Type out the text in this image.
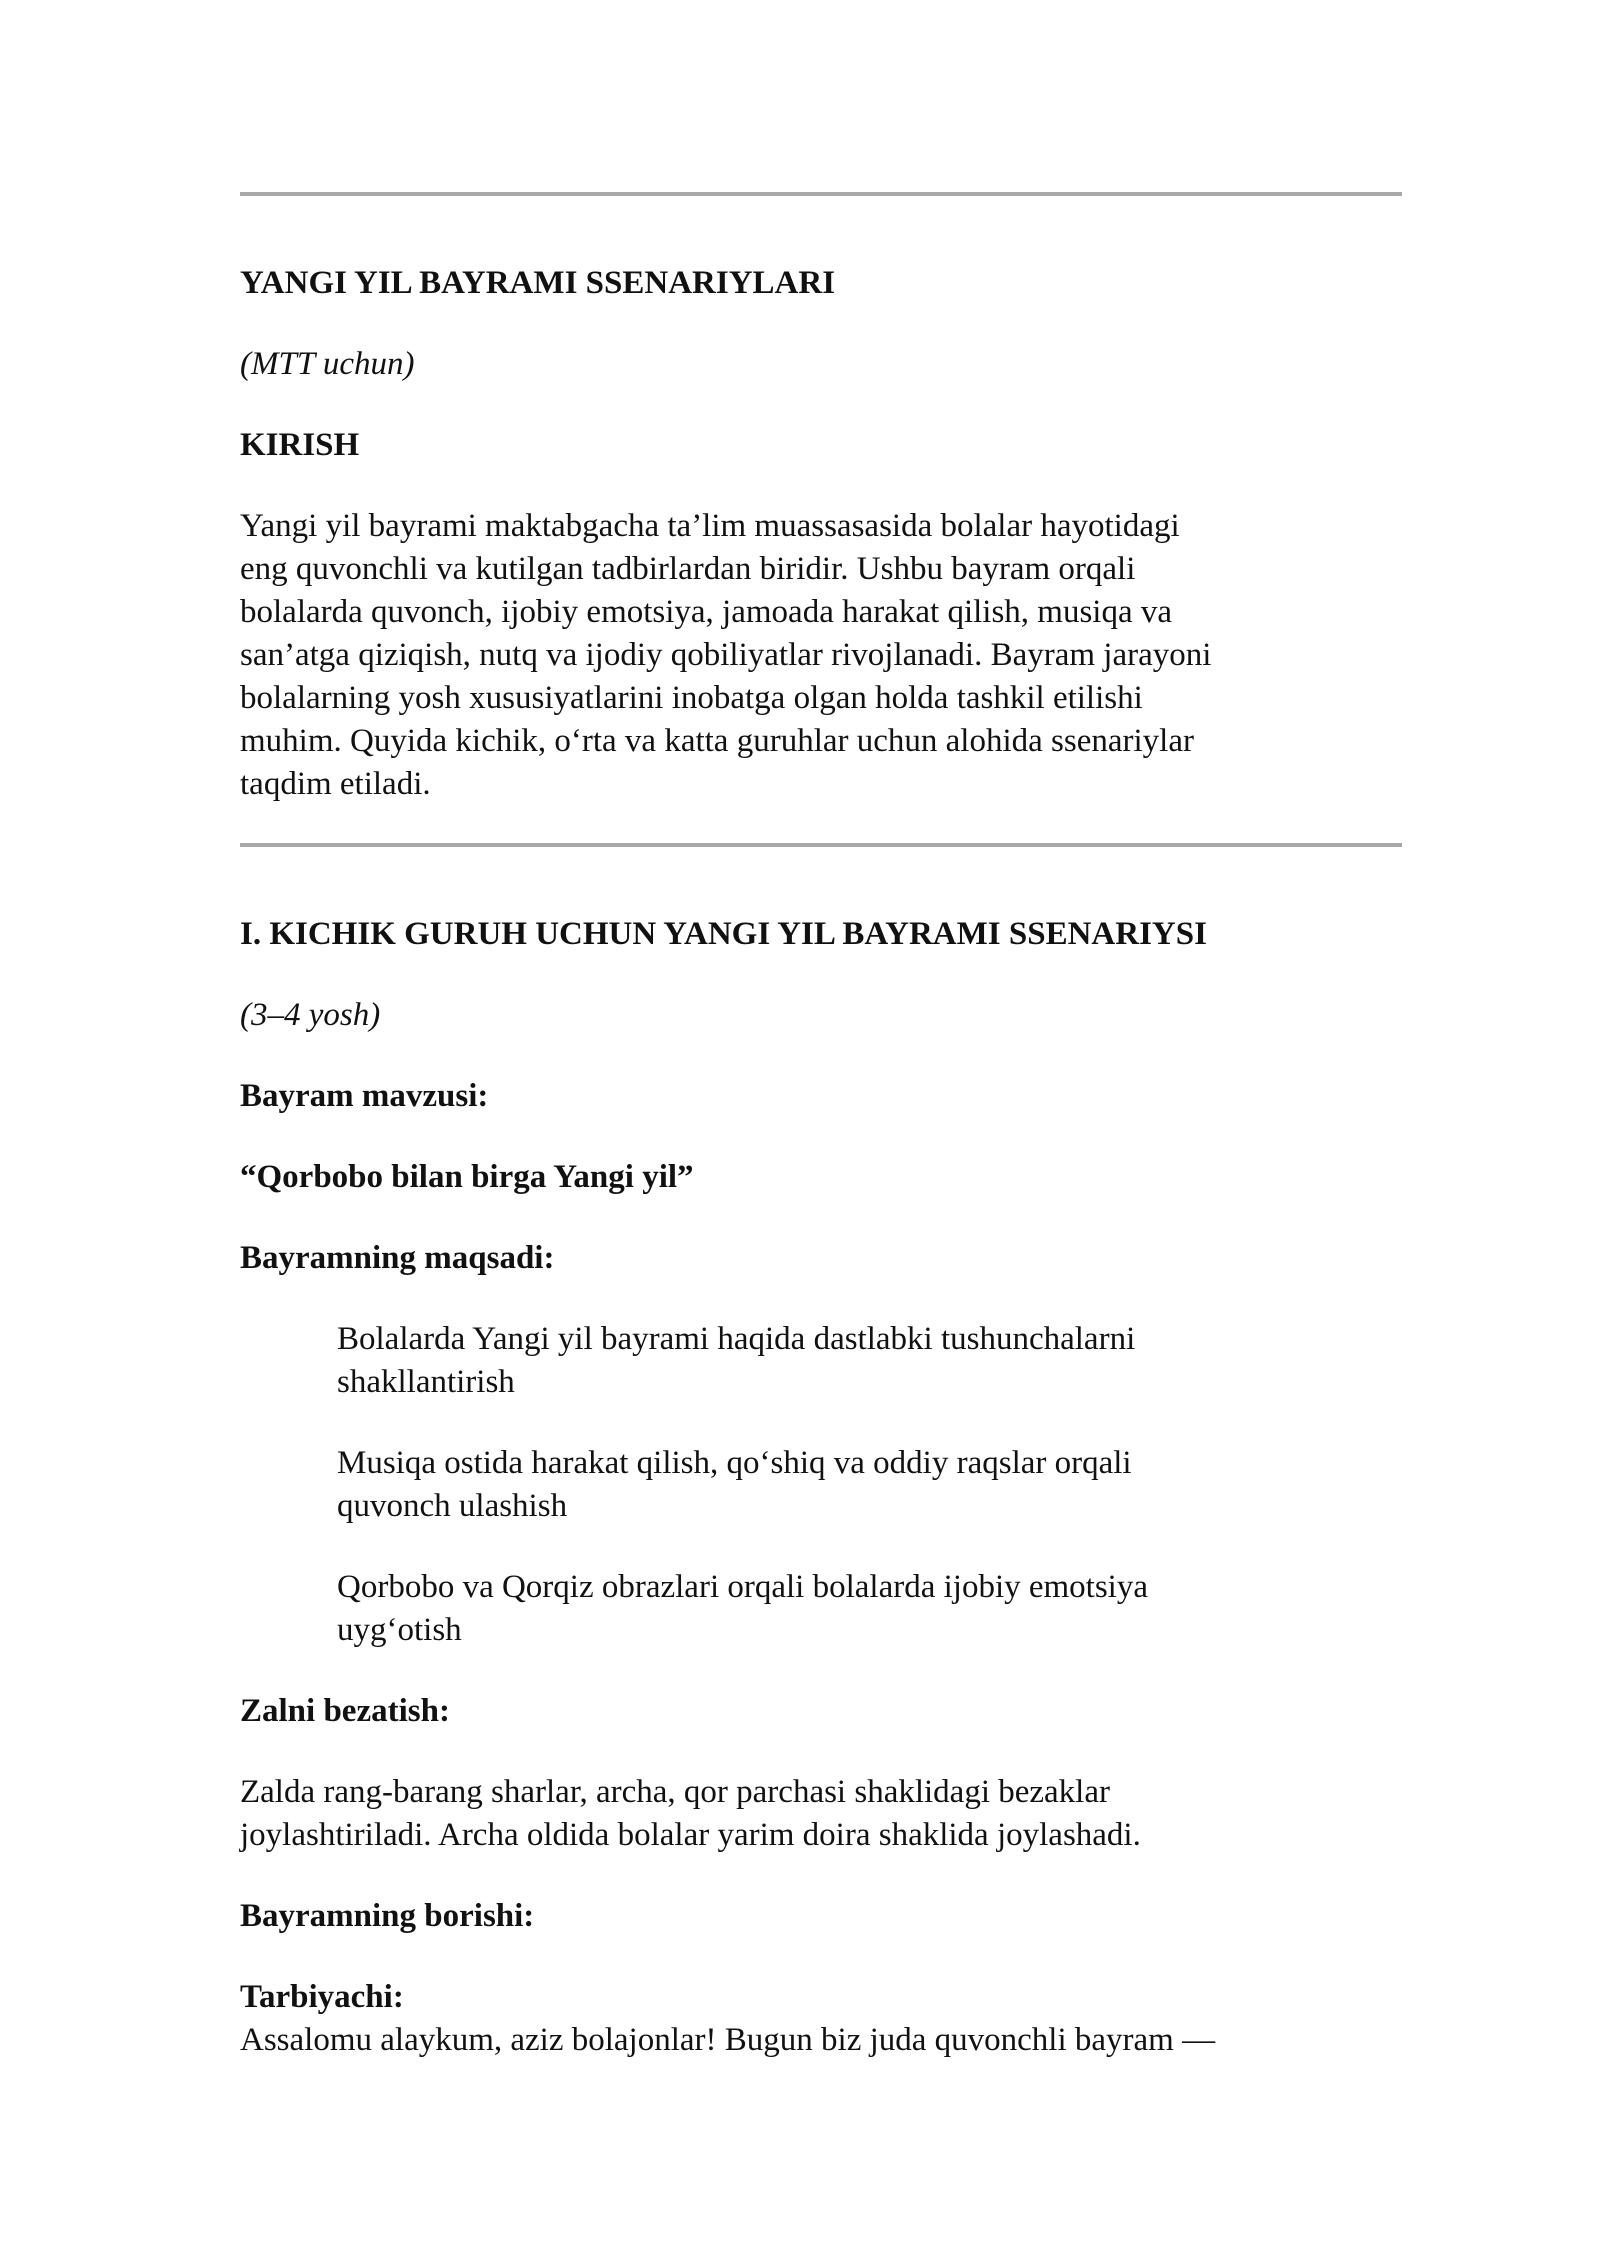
YANGI YIL BAYRAMI SSENARIYLARI

(MTT uchun)

KIRISH

Yangi yil bayrami maktabgacha ta’lim muassasasida bolalar hayotidagi
eng quvonchli va kutilgan tadbirlardan biridir. Ushbu bayram orqali
bolalarda quvonch, ijobiy emotsiya, jamoada harakat qilish, musiqa va
san’atga qiziqish, nutq va ijodiy qobiliyatlar rivojlanadi. Bayram jarayoni
bolalarning yosh xususiyatlarini inobatga olgan holda tashkil etilishi
muhim. Quyida kichik, o‘rta va katta guruhlar uchun alohida ssenariylar
taqdim etiladi.

I. KICHIK GURUH UCHUN YANGI YIL BAYRAMI SSENARIYSI

(3–4 yosh)

Bayram mavzusi:

“Qorbobo bilan birga Yangi yil”

Bayramning maqsadi:

Bolalarda Yangi yil bayrami haqida dastlabki tushunchalarni
shakllantirish

Musiqa ostida harakat qilish, qo‘shiq va oddiy raqslar orqali
quvonch ulashish

Qorbobo va Qorqiz obrazlari orqali bolalarda ijobiy emotsiya
uyg‘otish

Zalni bezatish:

Zalda rang-barang sharlar, archa, qor parchasi shaklidagi bezaklar
joylashtiriladi. Archa oldida bolalar yarim doira shaklida joylashadi.

Bayramning borishi:

Tarbiyachi:

Assalomu alaykum, aziz bolajonlar! Bugun biz juda quvonchli bayram —
